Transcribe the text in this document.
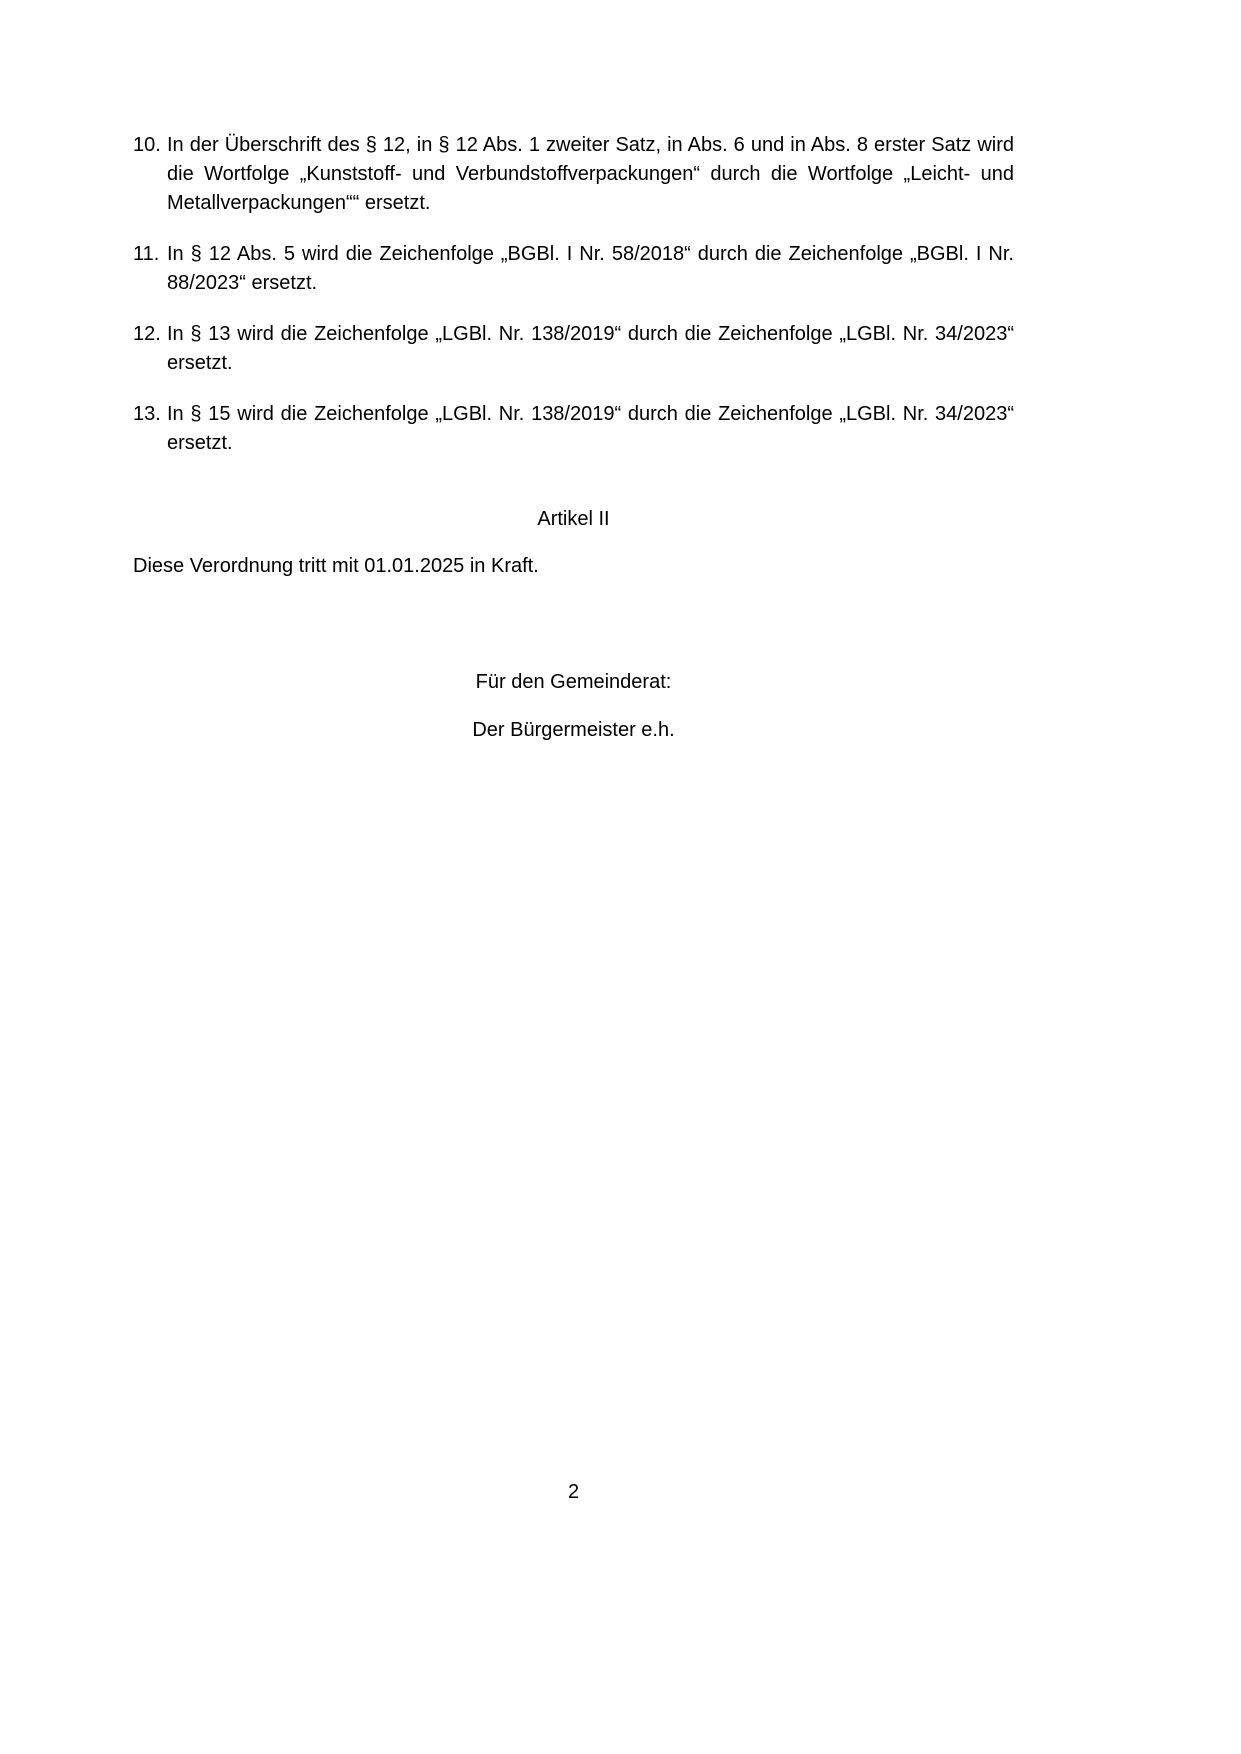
10. In der Überschrift des § 12, in § 12 Abs. 1 zweiter Satz, in Abs. 6 und in Abs. 8 erster Satz wird die Wortfolge „Kunststoff- und Verbundstoffverpackungen“ durch die Wortfolge „Leicht- und Metallverpackungen““ ersetzt.
11. In § 12 Abs. 5 wird die Zeichenfolge „BGBl. I Nr. 58/2018“ durch die Zeichenfolge „BGBl. I Nr. 88/2023“ ersetzt.
12. In § 13 wird die Zeichenfolge „LGBl. Nr. 138/2019“ durch die Zeichenfolge „LGBl. Nr. 34/2023“ ersetzt.
13. In § 15 wird die Zeichenfolge „LGBl. Nr. 138/2019“ durch die Zeichenfolge „LGBl. Nr. 34/2023“ ersetzt.
Artikel II
Diese Verordnung tritt mit 01.01.2025 in Kraft.
Für den Gemeinderat:
Der Bürgermeister e.h.
2
